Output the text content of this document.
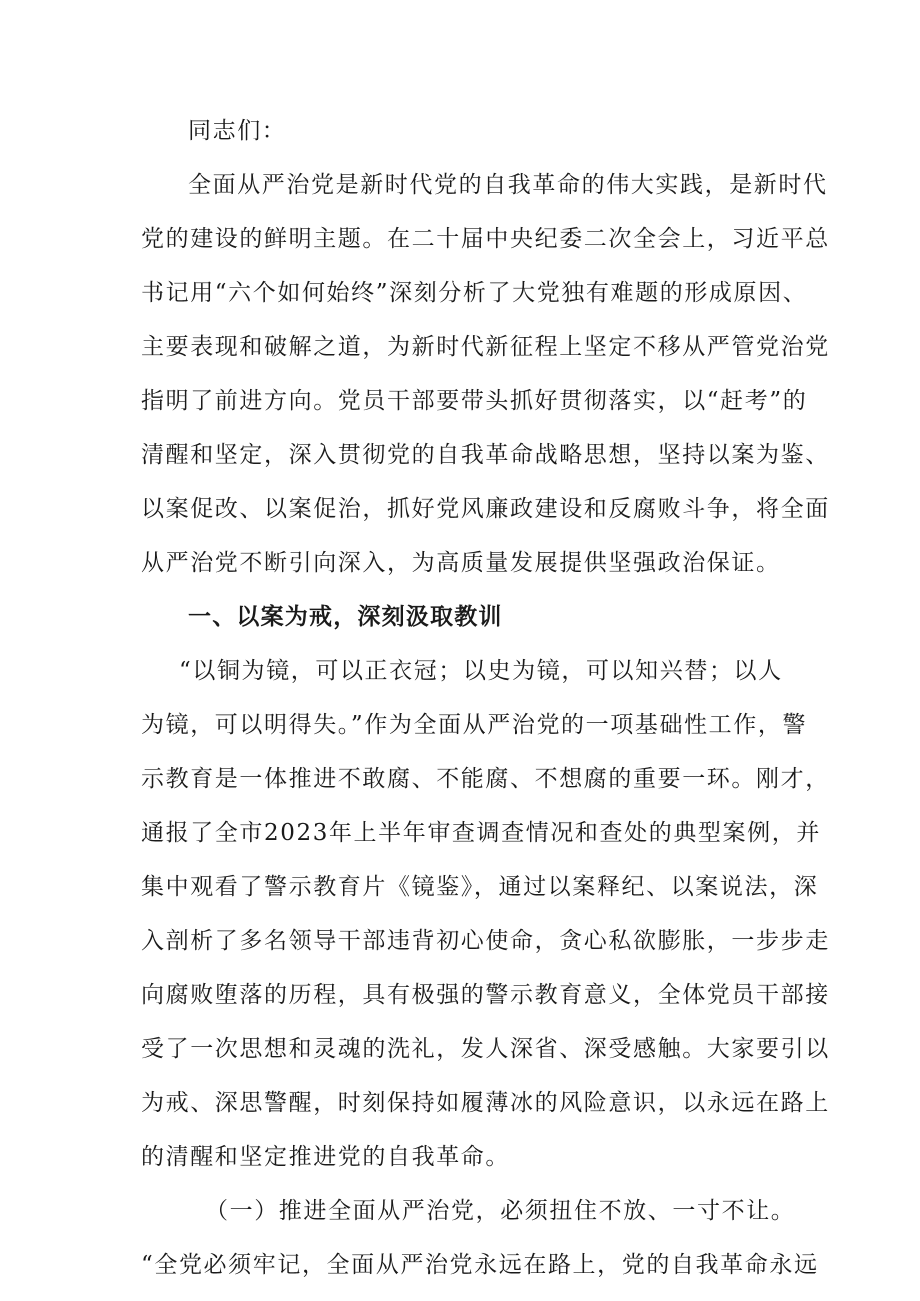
同志们：
全面从严治党是新时代党的自我革命的伟大实践，是新时代
党的建设的鲜明主题。在二十届中央纪委二次全会上，习近平总
书记用“六个如何始终”深刻分析了大党独有难题的形成原因、
主要表现和破解之道，为新时代新征程上坚定不移从严管党治党
指明了前进方向。党员干部要带头抓好贯彻落实，以“赶考”的
清醒和坚定，深入贯彻党的自我革命战略思想，坚持以案为鉴、
以案促改、以案促治，抓好党风廉政建设和反腐败斗争，将全面
从严治党不断引向深入，为高质量发展提供坚强政治保证。
一、以案为戒，深刻汲取教训
“以铜为镜，可以正衣冠；以史为镜，可以知兴替；以人
为镜，可以明得失。”作为全面从严治党的一项基础性工作，警
示教育是一体推进不敢腐、不能腐、不想腐的重要一环。刚才，
通报了全市2023年上半年审查调查情况和查处的典型案例，并
集中观看了警示教育片《镜鉴》，通过以案释纪、以案说法，深
入剖析了多名领导干部违背初心使命，贪心私欲膨胀，一步步走
向腐败堕落的历程，具有极强的警示教育意义，全体党员干部接
受了一次思想和灵魂的洗礼，发人深省、深受感触。大家要引以
为戒、深思警醒，时刻保持如履薄冰的风险意识，以永远在路上
的清醒和坚定推进党的自我革命。
（一）推进全面从严治党，必须扭住不放、一寸不让。
“全党必须牢记，全面从严治党永远在路上，党的自我革命永远
